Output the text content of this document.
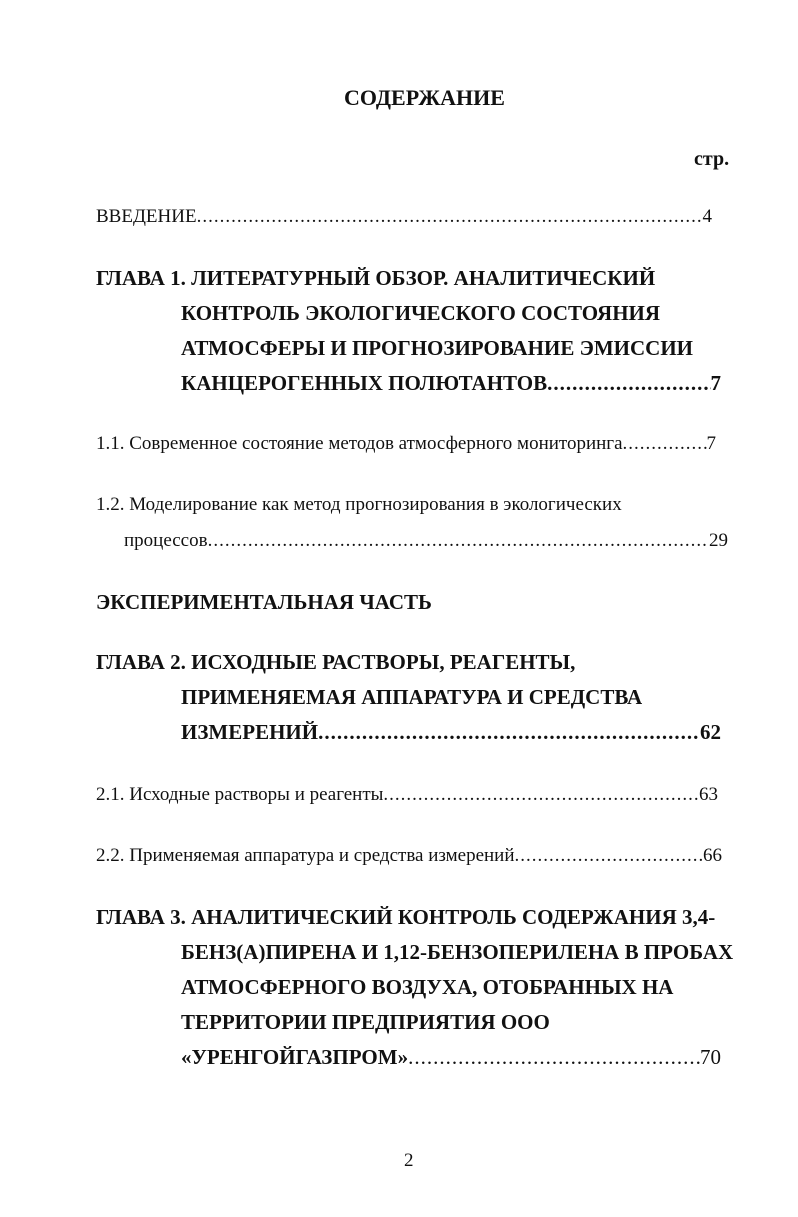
СОДЕРЖАНИЕ
стр.
ВВЕДЕНИЕ .....	4
ГЛАВА 1. ЛИТЕРАТУРНЫЙ ОБЗОР. АНАЛИТИЧЕСКИЙ
КОНТРОЛЬ ЭКОЛОГИЧЕСКОГО СОСТОЯНИЯ
АТМОСФЕРЫ И ПРОГНОЗИРОВАНИЕ ЭМИССИИ
КАНЦЕРОГЕННЫХ ПОЛЮТАНТОВ .....	7
1.1. Современное состояние методов атмосферного мониторинга .....	7
1.2. Моделирование как метод прогнозирования в экологических
процессов .....	29
ЭКСПЕРИМЕНТАЛЬНАЯ ЧАСТЬ
ГЛАВА 2. ИСХОДНЫЕ РАСТВОРЫ, РЕАГЕНТЫ,
ПРИМЕНЯЕМАЯ АППАРАТУРА И СРЕДСТВА
ИЗМЕРЕНИЙ .....	62
2.1. Исходные растворы и реагенты .....	63
2.2. Применяемая аппаратура и средства измерений .....	66
ГЛАВА 3. АНАЛИТИЧЕСКИЙ КОНТРОЛЬ СОДЕРЖАНИЯ 3,4-
БЕНЗ(А)ПИРЕНА И 1,12-БЕНЗОПЕРИЛЕНА В ПРОБАХ
АТМОСФЕРНОГО ВОЗДУХА, ОТОБРАННЫХ НА
ТЕРРИТОРИИ ПРЕДПРИЯТИЯ ООО
«УРЕНГОЙГАЗПРОМ» .....	70
2
